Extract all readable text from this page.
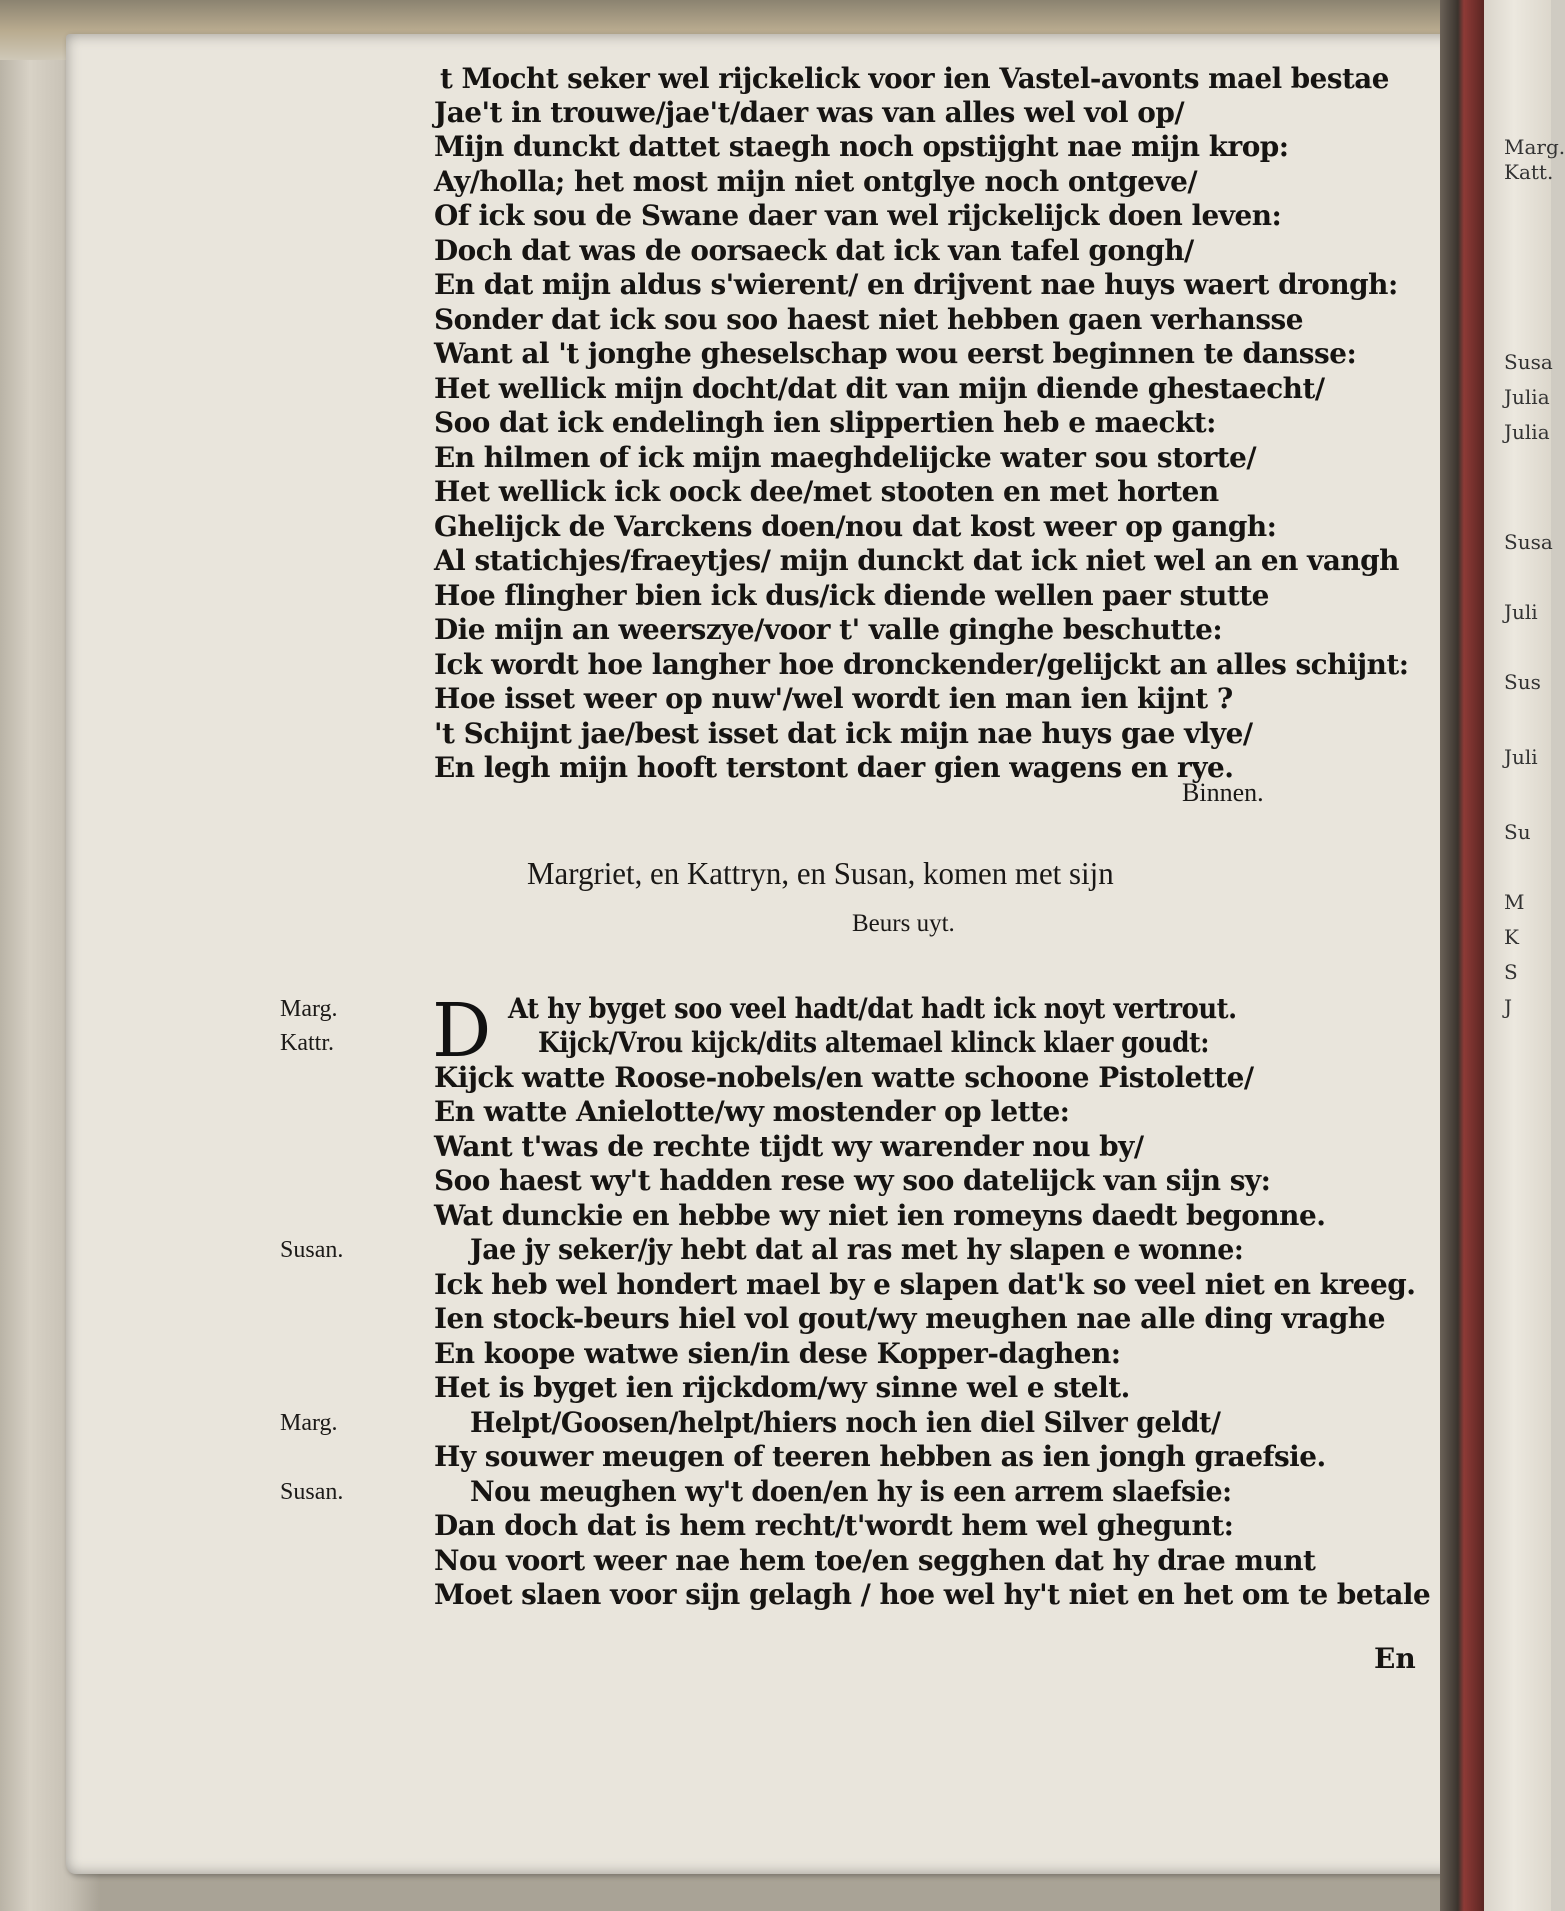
Marg.
Katt.
Susa
Julia
Julia
Susa
Juli
Sus
Juli
Su
M
K
S
J
t Mocht seker wel rijckelick voor ien Vastel-avonts mael bestae
Jae't in trouwe/jae't/daer was van alles wel vol op/
Mijn dunckt dattet staegh noch opstijght nae mijn krop:
Ay/holla; het most mijn niet ontglye noch ontgeve/
Of ick sou de Swane daer van wel rijckelijck doen leven:
Doch dat was de oorsaeck dat ick van tafel gongh/
En dat mijn aldus s'wierent/ en drijvent nae huys waert drongh:
Sonder dat ick sou soo haest niet hebben gaen verhansse
Want al 't jonghe gheselschap wou eerst beginnen te dansse:
Het wellick mijn docht/dat dit van mijn diende ghestaecht/
Soo dat ick endelingh ien slippertien heb e maeckt:
En hilmen of ick mijn maeghdelijcke water sou storte/
Het wellick ick oock dee/met stooten en met horten
Ghelijck de Varckens doen/nou dat kost weer op gangh:
Al statichjes/fraeytjes/ mijn dunckt dat ick niet wel an en vangh
Hoe flingher bien ick dus/ick diende wellen paer stutte
Die mijn an weerszye/voor t' valle ginghe beschutte:
Ick wordt hoe langher hoe dronckender/gelijckt an alles schijnt:
Hoe isset weer op nuw'/wel wordt ien man ien kijnt ?
't Schijnt jae/best isset dat ick mijn nae huys gae vlye/
En legh mijn hooft terstont daer gien wagens en rye.
Binnen.
Margriet, en Kattryn, en Susan, komen met sijn
Beurs uyt.
D
Marg.	At hy byget soo veel hadt/dat hadt ick noyt vertrout.
Kattr.	Kijck/Vrou kijck/dits altemael klinck klaer goudt:
Kijck watte Roose-nobels/en watte schoone Pistolette/
En watte Anielotte/wy mostender op lette:
Want t'was de rechte tijdt wy warender nou by/
Soo haest wy't hadden rese wy soo datelijck van sijn sy:
Wat dunckie en hebbe wy niet ien romeyns daedt begonne.
Susan.	Jae jy seker/jy hebt dat al ras met hy slapen e wonne:
Ick heb wel hondert mael by e slapen dat'k so veel niet en kreeg.
Ien stock-beurs hiel vol gout/wy meughen nae alle ding vraghe
En koope watwe sien/in dese Kopper-daghen:
Het is byget ien rijckdom/wy sinne wel e stelt.
Marg.	Helpt/Goosen/helpt/hiers noch ien diel Silver geldt/
Hy souwer meugen of teeren hebben as ien jongh graefsie.
Susan.	Nou meughen wy't doen/en hy is een arrem slaefsie:
Dan doch dat is hem recht/t'wordt hem wel ghegunt:
Nou voort weer nae hem toe/en segghen dat hy drae munt
Moet slaen voor sijn gelagh / hoe wel hy't niet en het om te betale
En
